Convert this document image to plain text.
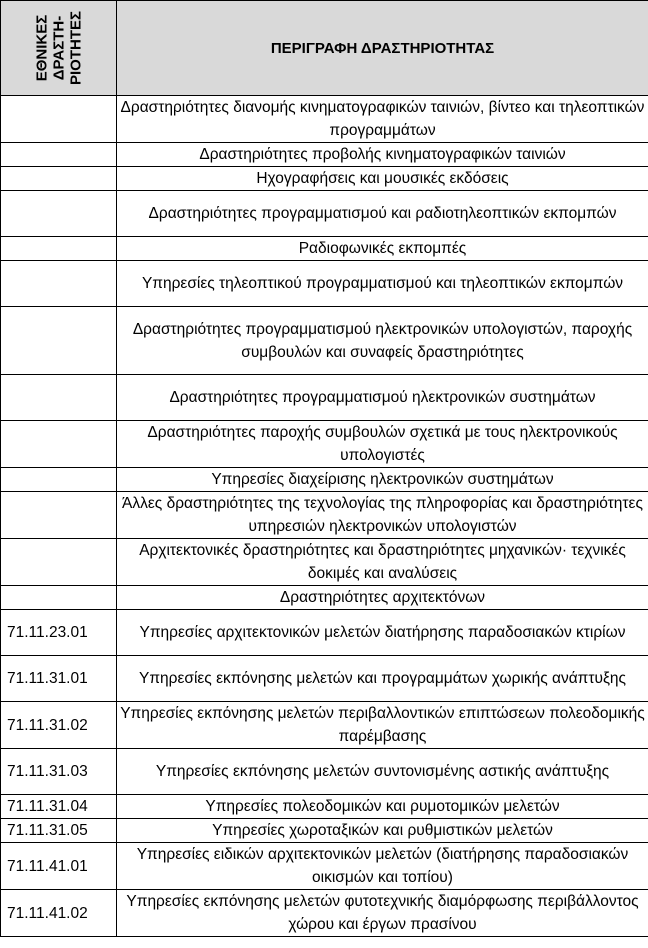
ΕΘΝΙΚΕΣ
ΔΡΑΣΤΗ-
ΡΙΟΤΗΤΕΣ	ΠΕΡΙΓΡΑΦΗ ΔΡΑΣΤΗΡΙΟΤΗΤΑΣ
	Δραστηριότητες διανομής κινηματογραφικών ταινιών, βίντεο και τηλεοπτικών προγραμμάτων
	Δραστηριότητες προβολής κινηματογραφικών ταινιών
	Ηχογραφήσεις και μουσικές εκδόσεις
	Δραστηριότητες προγραμματισμού και ραδιοτηλεοπτικών εκπομπών
	Ραδιοφωνικές εκπομπές
	Υπηρεσίες τηλεοπτικού προγραμματισμού και τηλεοπτικών εκπομπών
	Δραστηριότητες προγραμματισμού ηλεκτρονικών υπολογιστών, παροχής συμβουλών και συναφείς δραστηριότητες
	Δραστηριότητες προγραμματισμού ηλεκτρονικών συστημάτων
	Δραστηριότητες παροχής συμβουλών σχετικά με τους ηλεκτρονικούς υπολογιστές
	Υπηρεσίες διαχείρισης ηλεκτρονικών συστημάτων
	Άλλες δραστηριότητες της τεχνολογίας της πληροφορίας και δραστηριότητες υπηρεσιών ηλεκτρονικών υπολογιστών
	Αρχιτεκτονικές δραστηριότητες και δραστηριότητες μηχανικών· τεχνικές δοκιμές και αναλύσεις
	Δραστηριότητες αρχιτεκτόνων
71.11.23.01	Υπηρεσίες αρχιτεκτονικών μελετών διατήρησης παραδοσιακών κτιρίων
71.11.31.01	Υπηρεσίες εκπόνησης μελετών και προγραμμάτων χωρικής ανάπτυξης
71.11.31.02	Υπηρεσίες εκπόνησης μελετών περιβαλλοντικών επιπτώσεων πολεοδομικής παρέμβασης
71.11.31.03	Υπηρεσίες εκπόνησης μελετών συντονισμένης αστικής ανάπτυξης
71.11.31.04	Υπηρεσίες πολεοδομικών και ρυμοτομικών μελετών
71.11.31.05	Υπηρεσίες χωροταξικών και ρυθμιστικών μελετών
71.11.41.01	Υπηρεσίες ειδικών αρχιτεκτονικών μελετών (διατήρησης παραδοσιακών οικισμών και τοπίου)
71.11.41.02	Υπηρεσίες εκπόνησης μελετών φυτοτεχνικής διαμόρφωσης περιβάλλοντος χώρου και έργων πρασίνου
